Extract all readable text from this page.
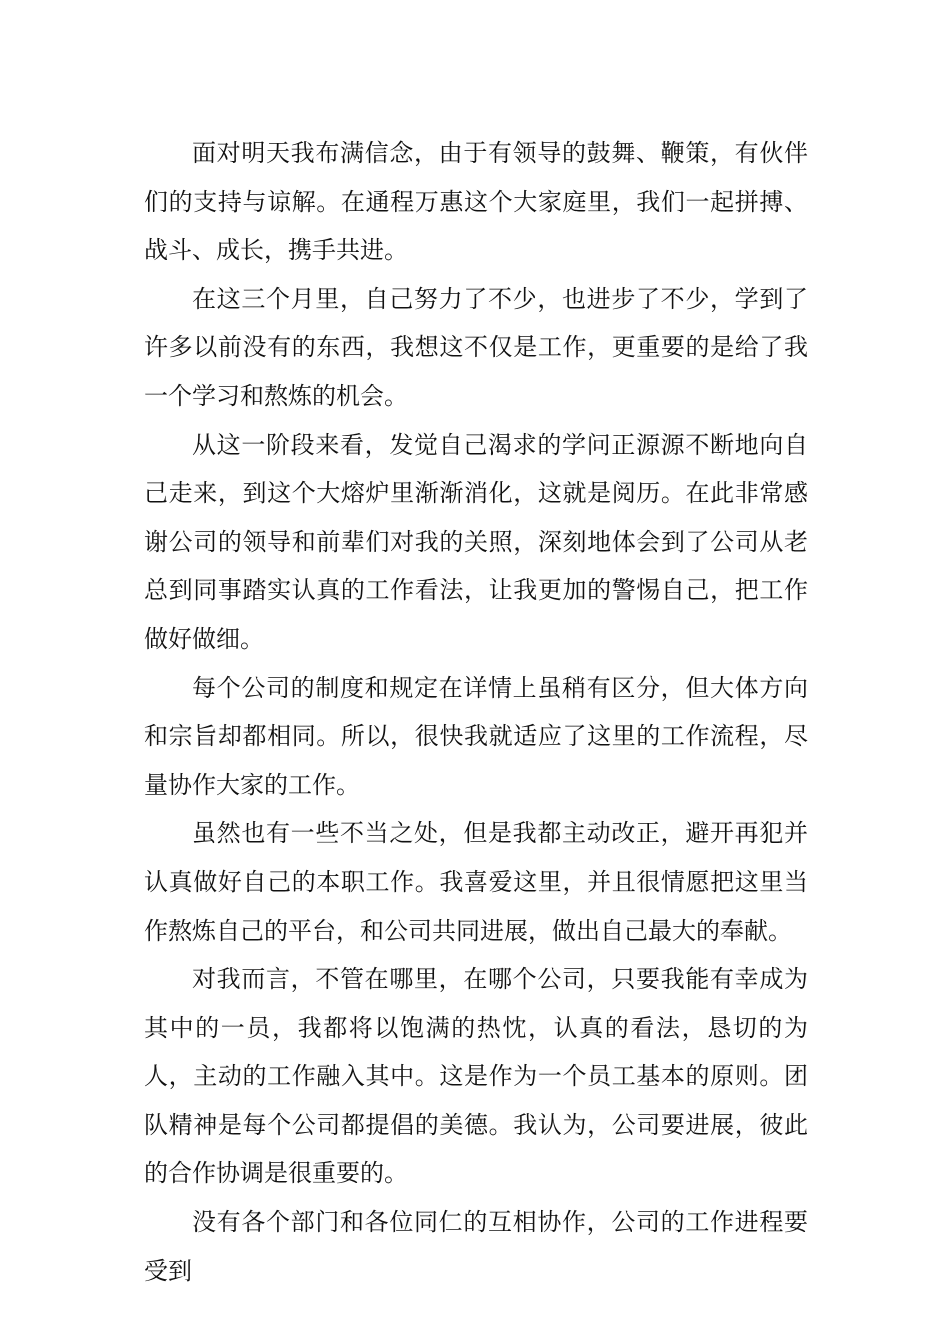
面对明天我布满信念，由于有领导的鼓舞、鞭策，有伙伴们的支持与谅解。在通程万惠这个大家庭里，我们一起拼搏、战斗、成长，携手共进。

在这三个月里，自己努力了不少，也进步了不少，学到了许多以前没有的东西，我想这不仅是工作，更重要的是给了我一个学习和熬炼的机会。

从这一阶段来看，发觉自己渴求的学问正源源不断地向自己走来，到这个大熔炉里渐渐消化，这就是阅历。在此非常感谢公司的领导和前辈们对我的关照，深刻地体会到了公司从老总到同事踏实认真的工作看法，让我更加的警惕自己，把工作做好做细。

每个公司的制度和规定在详情上虽稍有区分，但大体方向和宗旨却都相同。所以，很快我就适应了这里的工作流程，尽量协作大家的工作。

虽然也有一些不当之处，但是我都主动改正，避开再犯并认真做好自己的本职工作。我喜爱这里，并且很情愿把这里当作熬炼自己的平台，和公司共同进展，做出自己最大的奉献。

对我而言，不管在哪里，在哪个公司，只要我能有幸成为其中的一员，我都将以饱满的热忱，认真的看法，恳切的为人，主动的工作融入其中。这是作为一个员工基本的原则。团队精神是每个公司都提倡的美德。我认为，公司要进展，彼此的合作协调是很重要的。

没有各个部门和各位同仁的互相协作，公司的工作进程要受到
